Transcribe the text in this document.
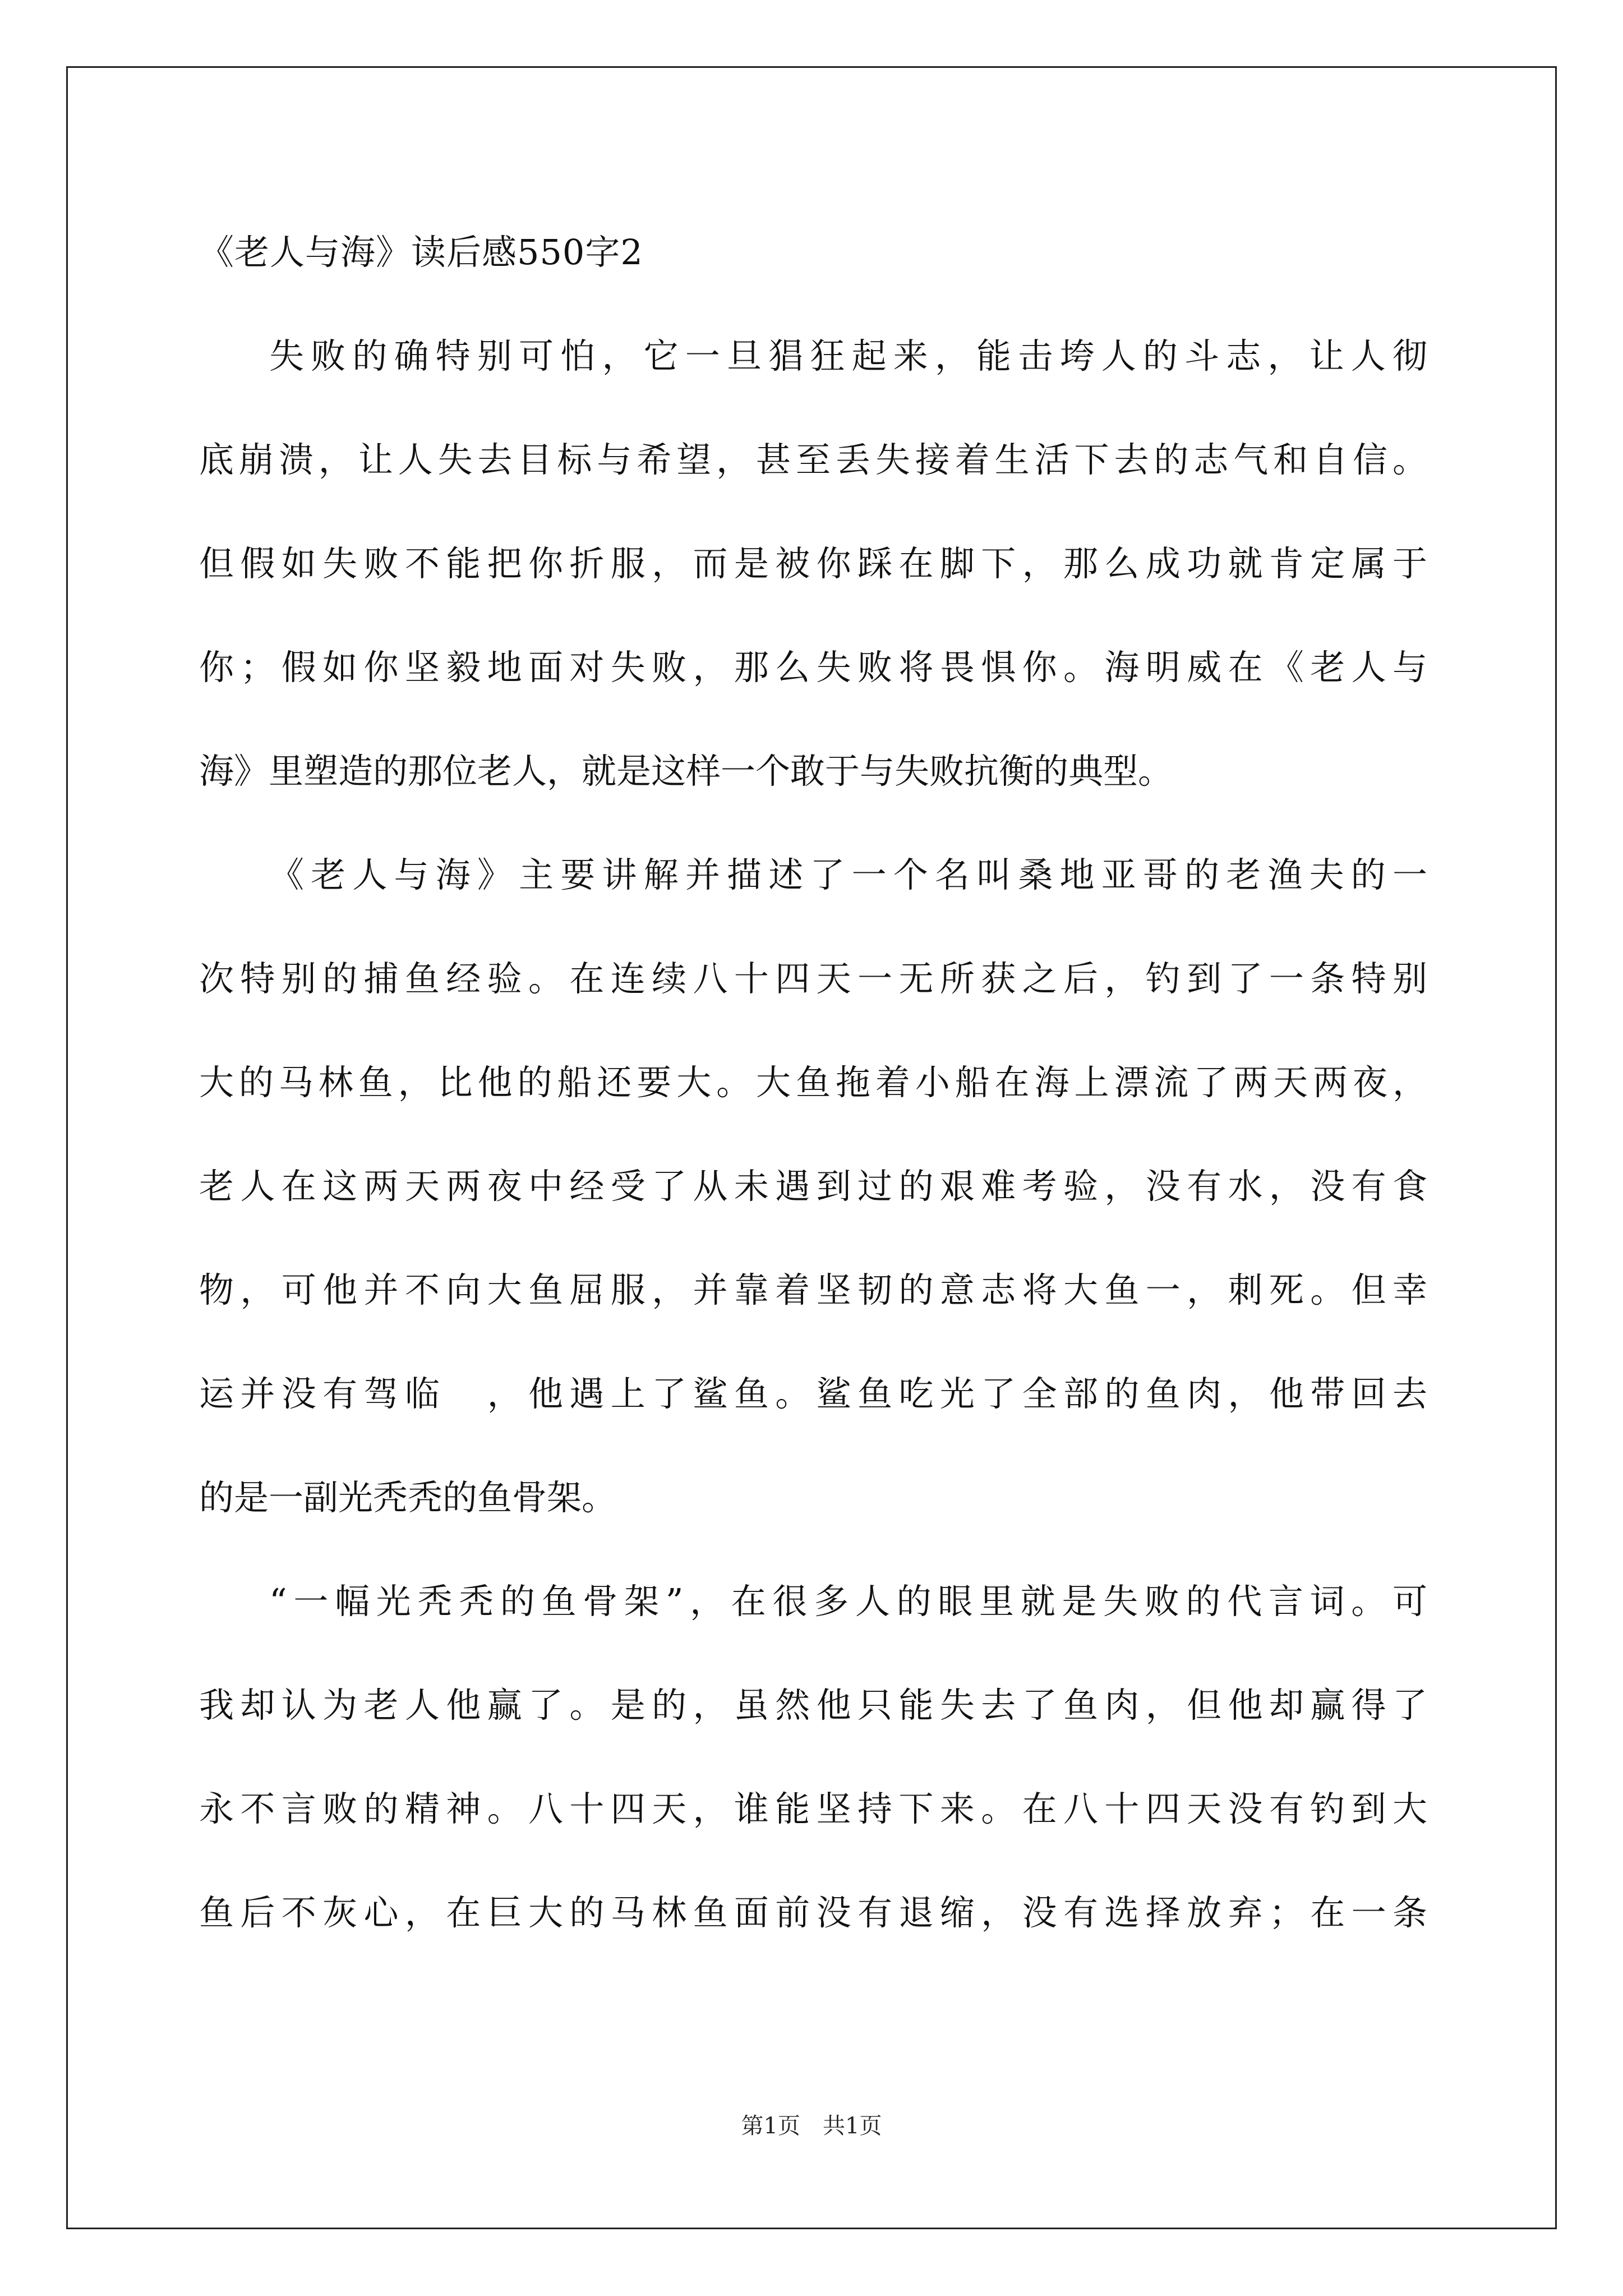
《老人与海》读后感550字2
失败的确特别可怕，它一旦猖狂起来，能击垮人的斗志，让人彻
底崩溃，让人失去目标与希望，甚至丢失接着生活下去的志气和自信。
但假如失败不能把你折服，而是被你踩在脚下，那么成功就肯定属于
你；假如你坚毅地面对失败，那么失败将畏惧你。海明威在《老人与
海》里塑造的那位老人，就是这样一个敢于与失败抗衡的典型。
《老人与海》主要讲解并描述了一个名叫桑地亚哥的老渔夫的一
次特别的捕鱼经验。在连续八十四天一无所获之后，钓到了一条特别
大的马林鱼，比他的船还要大。大鱼拖着小船在海上漂流了两天两夜，
老人在这两天两夜中经受了从未遇到过的艰难考验，没有水，没有食
物，可他并不向大鱼屈服，并靠着坚韧的意志将大鱼一，刺死。但幸
运并没有驾临　，他遇上了鲨鱼。鲨鱼吃光了全部的鱼肉，他带回去
的是一副光秃秃的鱼骨架。
“一幅光秃秃的鱼骨架”，在很多人的眼里就是失败的代言词。可
我却认为老人他赢了。是的，虽然他只能失去了鱼肉，但他却赢得了
永不言败的精神。八十四天，谁能坚持下来。在八十四天没有钓到大
鱼后不灰心，在巨大的马林鱼面前没有退缩，没有选择放弃；在一条
第1页　共1页
